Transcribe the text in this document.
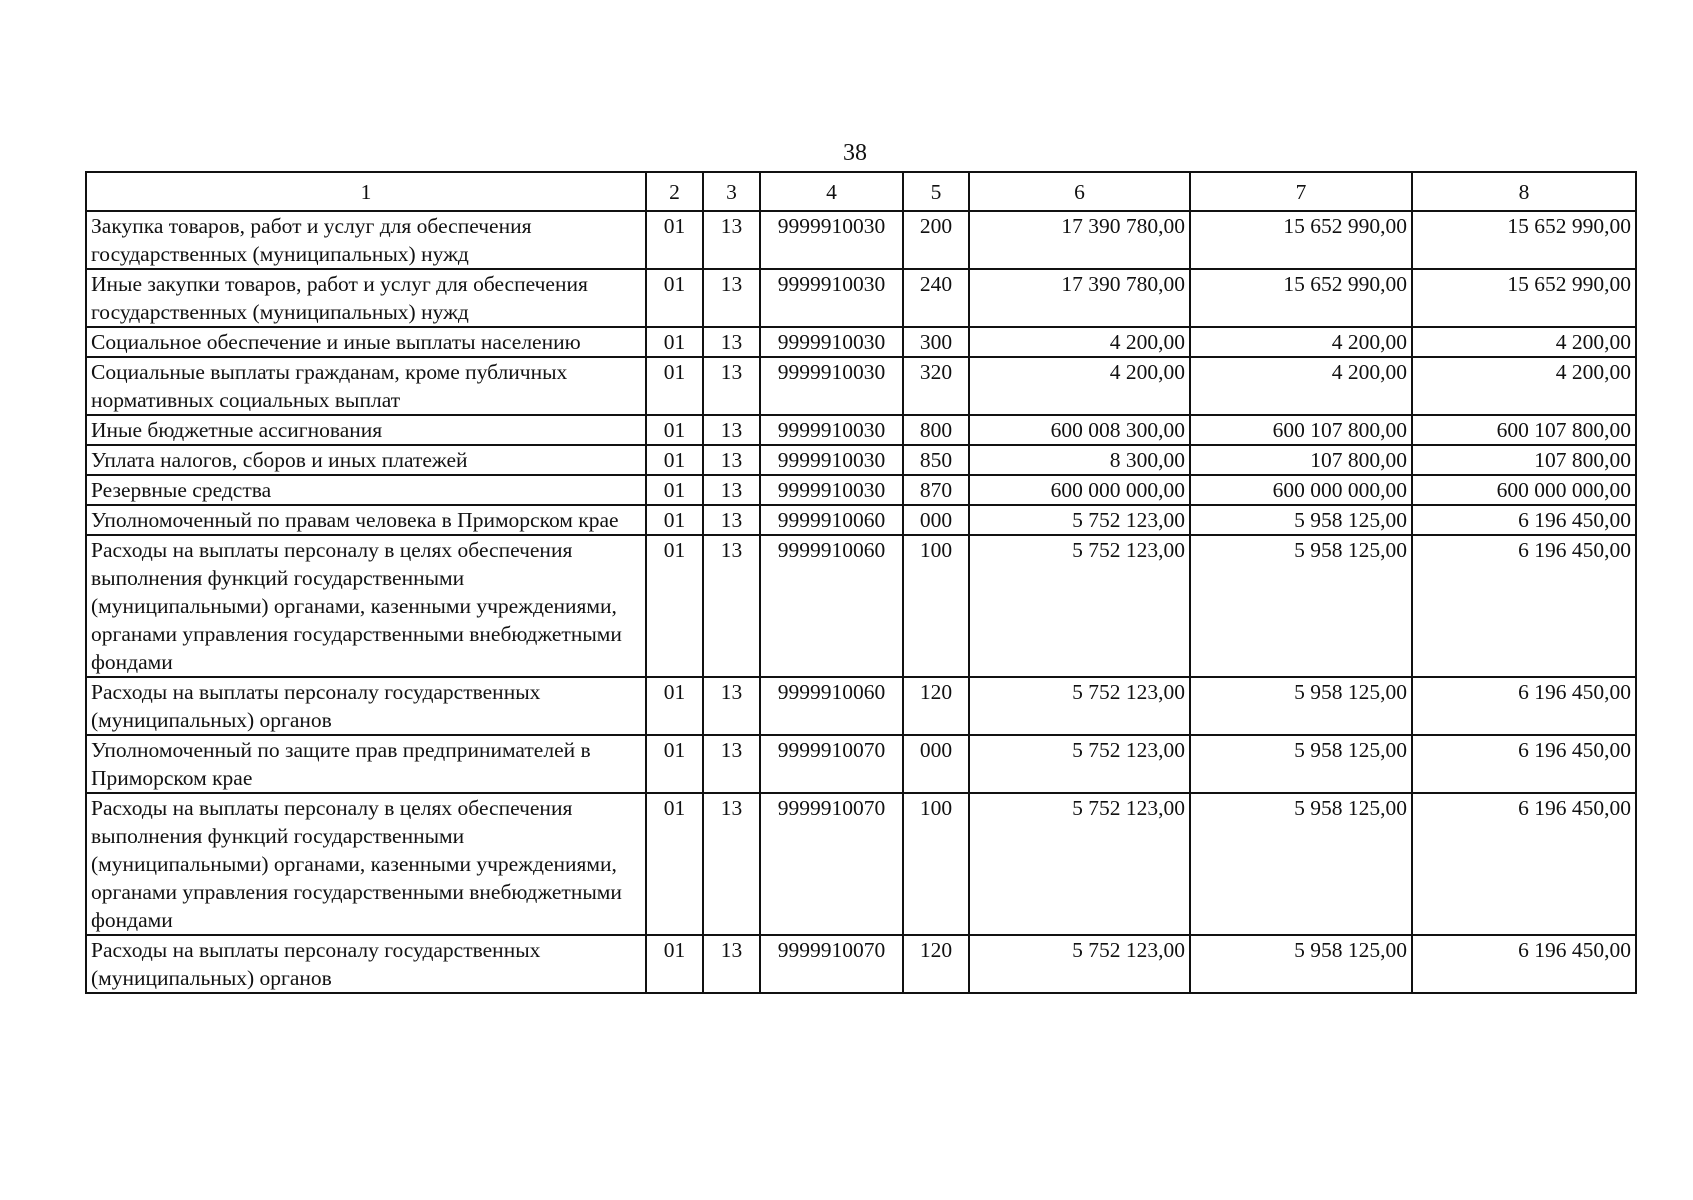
38
1	2	3	4	5	6	7	8
Закупка товаров, работ и услуг для обеспечения государственных (муниципальных) нужд	01	13	9999910030	200	17 390 780,00	15 652 990,00	15 652 990,00
Иные закупки товаров, работ и услуг для обеспечения государственных (муниципальных) нужд	01	13	9999910030	240	17 390 780,00	15 652 990,00	15 652 990,00
Социальное обеспечение и иные выплаты населению	01	13	9999910030	300	4 200,00	4 200,00	4 200,00
Социальные выплаты гражданам, кроме публичных нормативных социальных выплат	01	13	9999910030	320	4 200,00	4 200,00	4 200,00
Иные бюджетные ассигнования	01	13	9999910030	800	600 008 300,00	600 107 800,00	600 107 800,00
Уплата налогов, сборов и иных платежей	01	13	9999910030	850	8 300,00	107 800,00	107 800,00
Резервные средства	01	13	9999910030	870	600 000 000,00	600 000 000,00	600 000 000,00
Уполномоченный по правам человека в Приморском крае	01	13	9999910060	000	5 752 123,00	5 958 125,00	6 196 450,00
Расходы на выплаты персоналу в целях обеспечения выполнения функций государственными (муниципальными) органами, казенными учреждениями, органами управления государственными внебюджетными фондами	01	13	9999910060	100	5 752 123,00	5 958 125,00	6 196 450,00
Расходы на выплаты персоналу государственных (муниципальных) органов	01	13	9999910060	120	5 752 123,00	5 958 125,00	6 196 450,00
Уполномоченный по защите прав предпринимателей в Приморском крае	01	13	9999910070	000	5 752 123,00	5 958 125,00	6 196 450,00
Расходы на выплаты персоналу в целях обеспечения выполнения функций государственными (муниципальными) органами, казенными учреждениями, органами управления государственными внебюджетными фондами	01	13	9999910070	100	5 752 123,00	5 958 125,00	6 196 450,00
Расходы на выплаты персоналу государственных (муниципальных) органов	01	13	9999910070	120	5 752 123,00	5 958 125,00	6 196 450,00
